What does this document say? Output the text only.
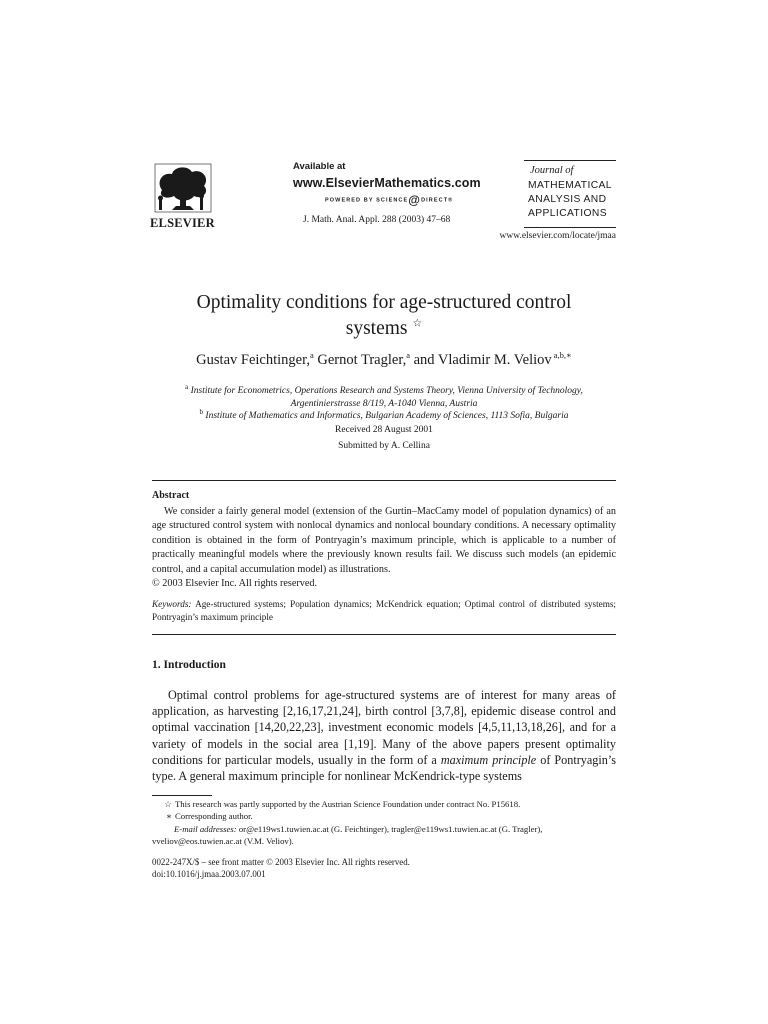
ELSEVIER
Available at
www.ElsevierMathematics.com
POWERED BY SCIENCE@DIRECT®
J. Math. Anal. Appl. 288 (2003) 47–68
Journal of
MATHEMATICAL
ANALYSIS AND
APPLICATIONS
www.elsevier.com/locate/jmaa
Optimality conditions for age-structured control
systems ☆
Gustav Feichtinger,$^a$ Gernot Tragler,$^a$ and Vladimir M. Veliov $^{a,b,∗}$
$^a$ Institute for Econometrics, Operations Research and Systems Theory, Vienna University of Technology,
Argentinierstrasse 8/119, A-1040 Vienna, Austria
$^b$ Institute of Mathematics and Informatics, Bulgarian Academy of Sciences, 1113 Sofia, Bulgaria
Received 28 August 2001
Submitted by A. Cellina
Abstract
We consider a fairly general model (extension of the Gurtin–MacCamy model of population dynamics) of an age structured control system with nonlocal dynamics and nonlocal boundary conditions. A necessary optimality condition is obtained in the form of Pontryagin’s maximum principle, which is applicable to a number of practically meaningful models where the previously known results fail. We discuss such models (an epidemic control, and a capital accumulation model) as illustrations.
© 2003 Elsevier Inc. All rights reserved.
Keywords: Age-structured systems; Population dynamics; McKendrick equation; Optimal control of distributed systems; Pontryagin’s maximum principle
1. Introduction
Optimal control problems for age-structured systems are of interest for many areas of application, as harvesting [2,16,17,21,24], birth control [3,7,8], epidemic disease control and optimal vaccination [14,20,22,23], investment economic models [4,5,11,13,18,26], and for a variety of models in the social area [1,19]. Many of the above papers present optimality conditions for particular models, usually in the form of a maximum principle of Pontryagin’s type. A general maximum principle for nonlinear McKendrick-type systems
☆ This research was partly supported by the Austrian Science Foundation under contract No. P15618.
∗ Corresponding author.
E-mail addresses: or@e119ws1.tuwien.ac.at (G. Feichtinger), tragler@e119ws1.tuwien.ac.at (G. Tragler),
vveliov@eos.tuwien.ac.at (V.M. Veliov).
0022-247X/$ – see front matter © 2003 Elsevier Inc. All rights reserved.
doi:10.1016/j.jmaa.2003.07.001
